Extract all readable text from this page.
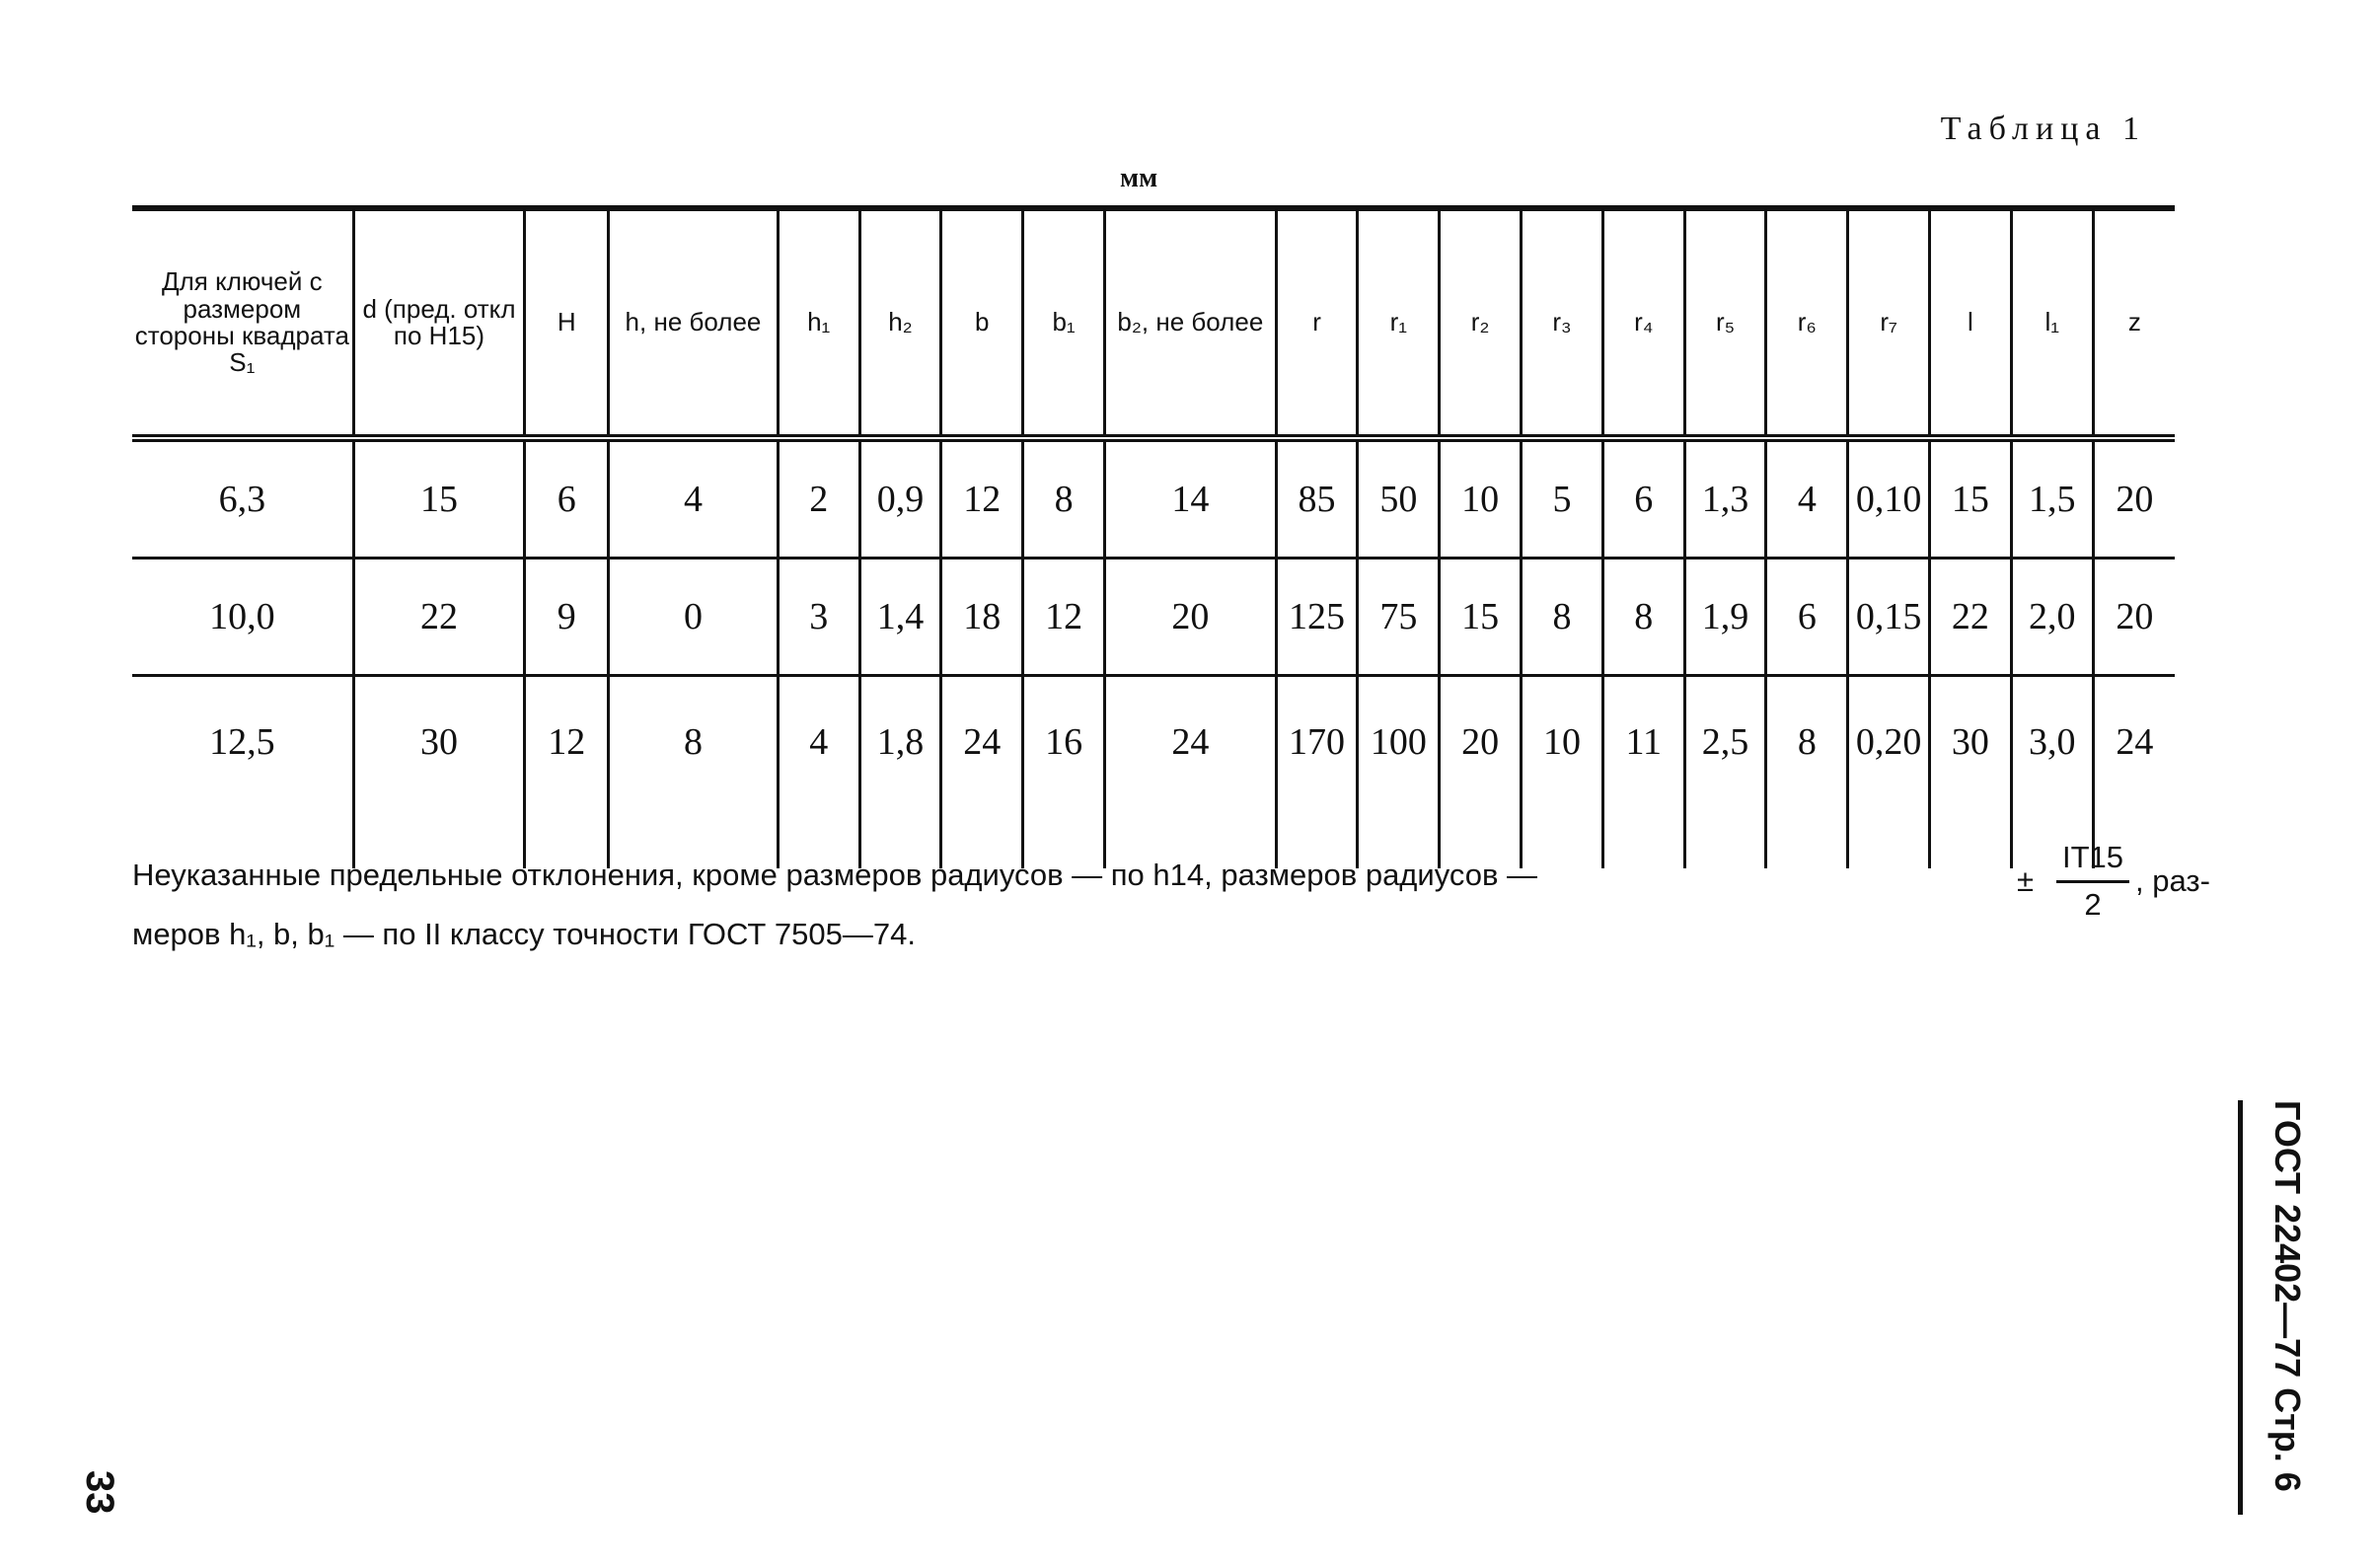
Таблица 1
мм
Для ключей с размером стороны квадрата S₁	d (пред. откл по H15)	H	h, не более	h₁	h₂	b	b₁	b₂, не более	r	r₁	r₂	r₃	r₄	r₅	r₆	r₇	l	l₁	z
6,3	15	6	4	2	0,9	12	8	14	85	50	10	5	6	1,3	4	0,10	15	1,5	20
10,0	22	9	0	3	1,4	18	12	20	125	75	15	8	8	1,9	6	0,15	22	2,0	20
12,5	30	12	8	4	1,8	24	16	24	170	100	20	10	11	2,5	8	0,20	30	3,0	24
Неуказанные предельные отклонения, кроме размеров радиусов — по h14, размеров радиусов —	±
IT15
2
, раз-
меров h₁, b, b₁ — по II классу точности ГОСТ 7505—74.
ГОСТ 22402—77 Стр. 6
33
